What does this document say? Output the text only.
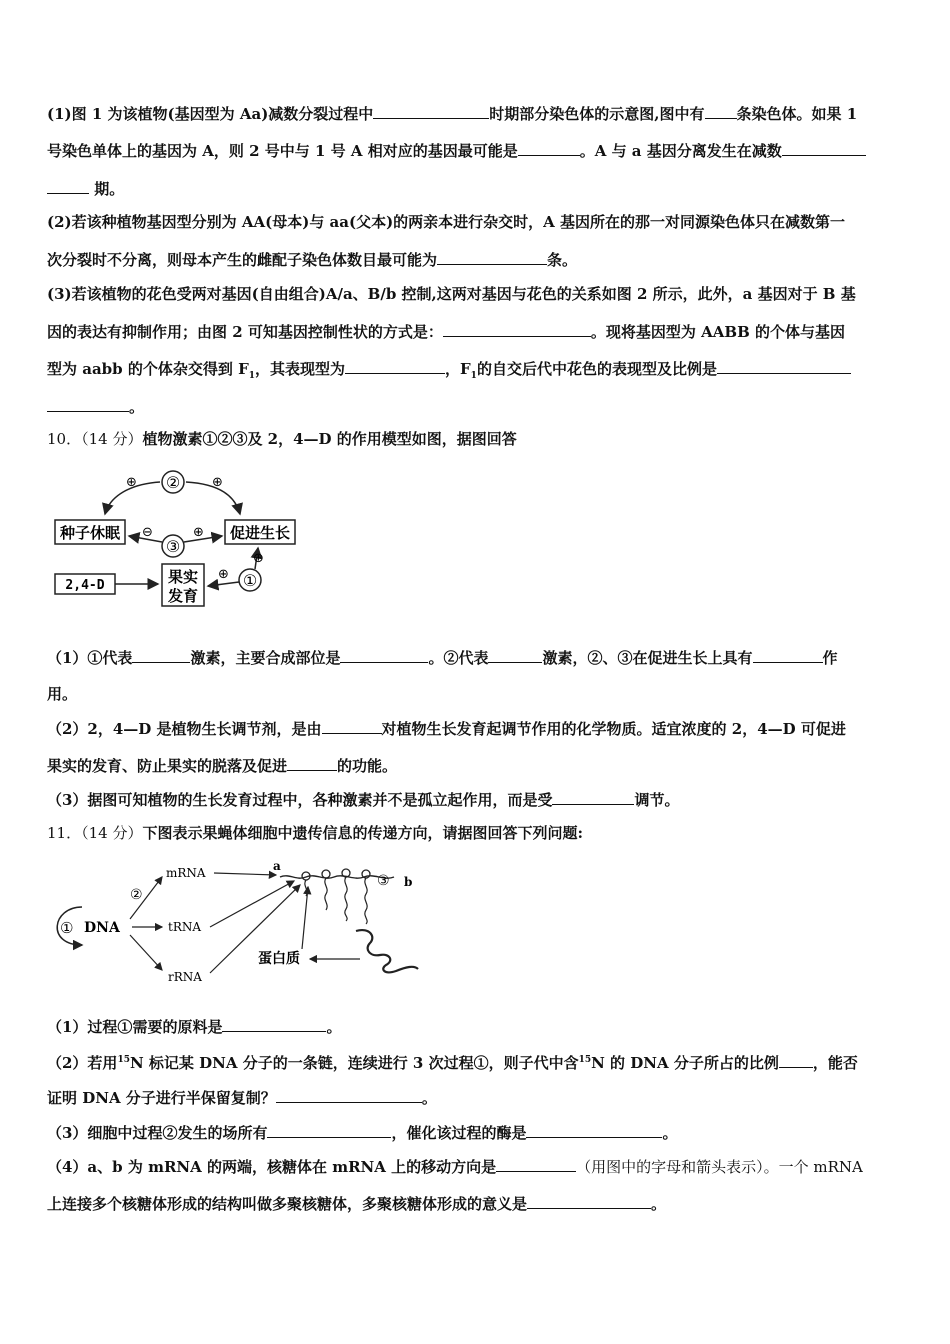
(1)图 1 为该植物(基因型为 Aa)减数分裂过程中	时期部分染色体的示意图,图中有 条染色体。如果 1
号染色单体上的基因为 A，则 2 号中与 1 号 A 相对应的基因最可能是	。A 与 a 基因分离发生在减数
期。
(2)若该种植物基因型分别为 AA(母本)与 aa(父本)的两亲本进行杂交时，A 基因所在的那一对同源染色体只在减数第一
次分裂时不分离，则母本产生的雌配子染色体数目最可能为	条。
(3)若该植物的花色受两对基因(自由组合)A/a、B/b 控制,这两对基因与花色的关系如图 2 所示，此外，a 基因对于 B 基
因的表达有抑制作用；由图 2 可知基因控制性状的方式是：	。现将基因型为 AABB 的个体与基因
型为 aabb 的个体杂交得到 $F_1$，其表现型为	，$F_1$的自交后代中花色的表现型及比例是
。
10．（14 分）植物激素①②③及 2，4—D 的作用模型如图，据图回答
②
⊕	⊕
种子休眠	促进生长
③
⊖	⊕
2,4-D	果实
发育
①
⊕
⊕
（1）①代表	激素，主要合成部位是	。②代表	激素，②、③在促进生长上具有	作
用。
（2）2，4—D 是植物生长调节剂，是由	对植物生长发育起调节作用的化学物质。适宜浓度的 2，4—D 可促进
果实的发育、防止果实的脱落及促进	的功能。
（3）据图可知植物的生长发育过程中，各种激素并不是孤立起作用，而是受	调节。
11．（14 分）下图表示果蝇体细胞中遗传信息的传递方向，请据图回答下列问题:
① DNA
②
mRNA
tRNA
rRNA
a
③ b
蛋白质
（1）过程①需要的原料是	。
（2）若用$^{15}$N 标记某 DNA 分子的一条链，连续进行 3 次过程①，则子代中含$^{15}$N 的 DNA 分子所占的比例 ，能否
证明 DNA 分子进行半保留复制？	。
（3）细胞中过程②发生的场所有	，催化该过程的酶是	。
（4）a、b 为 mRNA 的两端，核糖体在 mRNA 上的移动方向是	（用图中的字母和箭头表示）。一个 mRNA
上连接多个核糖体形成的结构叫做多聚核糖体，多聚核糖体形成的意义是	。
